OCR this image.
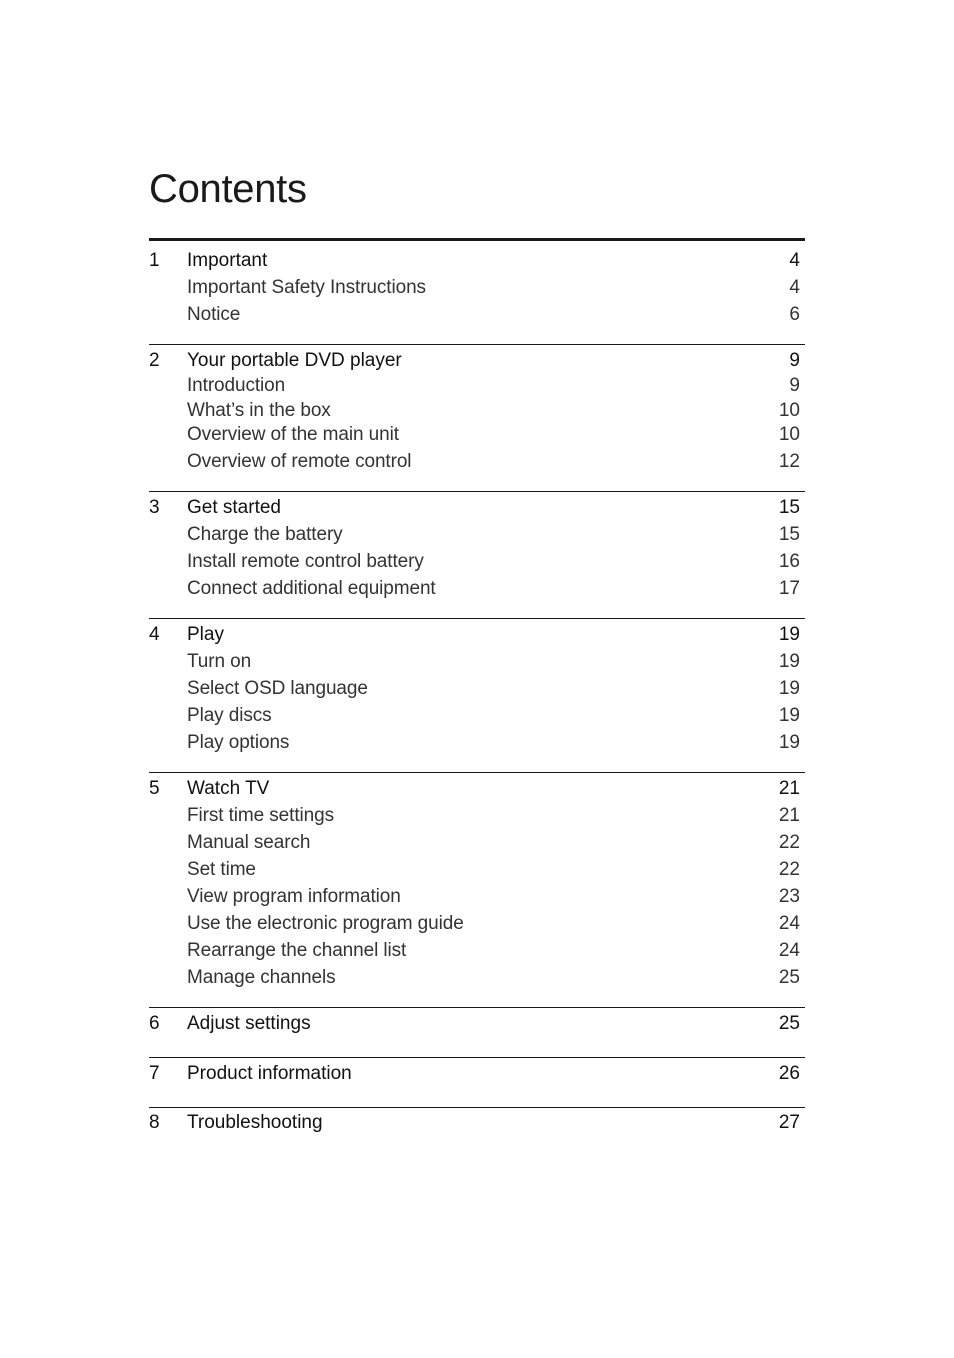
Contents
1 Important	4
Important Safety Instructions	4
Notice	6
2 Your portable DVD player	9
Introduction	9
What’s in the box	10
Overview of the main unit	10
Overview of remote control	12
3 Get started	15
Charge the battery	15
Install remote control battery	16
Connect additional equipment	17
4 Play	19
Turn on	19
Select OSD language	19
Play discs	19
Play options	19
5 Watch TV	21
First time settings	21
Manual search	22
Set time	22
View program information	23
Use the electronic program guide	24
Rearrange the channel list	24
Manage channels	25
6 Adjust settings	25
7 Product information	26
8 Troubleshooting	27
